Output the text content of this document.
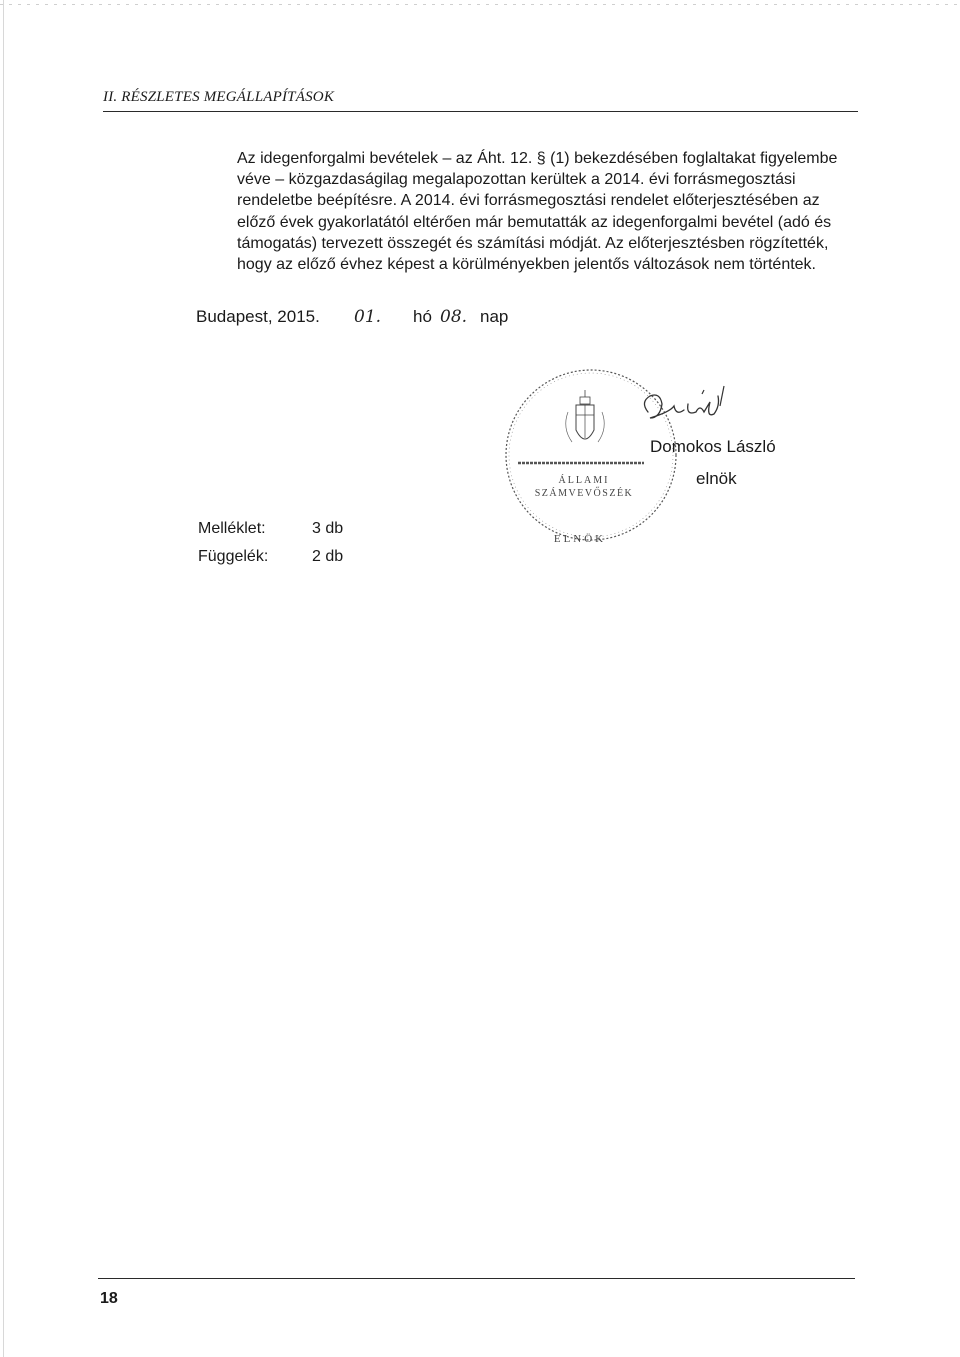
II. RÉSZLETES MEGÁLLAPÍTÁSOK

Az idegenforgalmi bevételek – az Áht. 12. § (1) bekezdésében foglaltakat figyelembe véve – közgazdaságilag megalapozottan kerültek a 2014. évi forrásmegosztási rendeletbe beépítésre. A 2014. évi forrásmegosztási rendelet előterjesztésében az előző évek gyakorlatától eltérően már bemutatták az idegenforgalmi bevétel (adó és támogatás) tervezett összegét és számítási módját. Az előterjesztésben rögzítették, hogy az előző évhez képest a körülményekben jelentős változások nem történtek.

Budapest, 2015. 01. hó 08. nap
ÁLLAMI
SZÁMVEVŐSZÉK
ELNÖK
Domokos László
elnök
Melléklet:	3 db
Függelék:	2 db
18
